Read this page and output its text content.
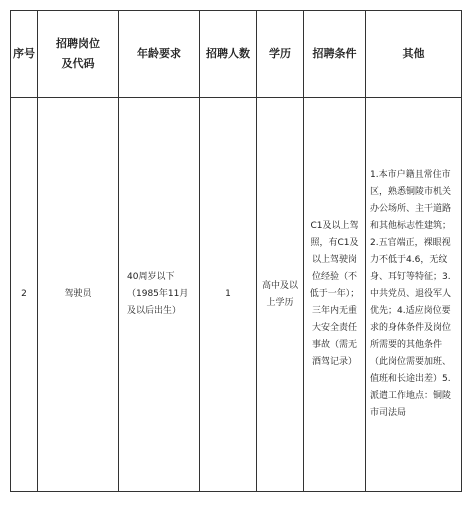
序号	招聘岗位及代码	年龄要求	招聘人数	学历	招聘条件	其他
2	驾驶员	40周岁以下（1985年11月及以后出生）	1	高中及以上学历	C1及以上驾照，有C1及以上驾驶岗位经验（不低于一年）；三年内无重大安全责任事故（需无酒驾记录）	1.本市户籍且常住市区，熟悉铜陵市机关办公场所、主干道路和其他标志性建筑；2.五官端正，裸眼视力不低于4.6，无纹身、耳钉等特征；3.中共党员、退役军人优先；4.适应岗位要求的身体条件及岗位所需要的其他条件（此岗位需要加班、值班和长途出差）5.派遣工作地点：铜陵市司法局
